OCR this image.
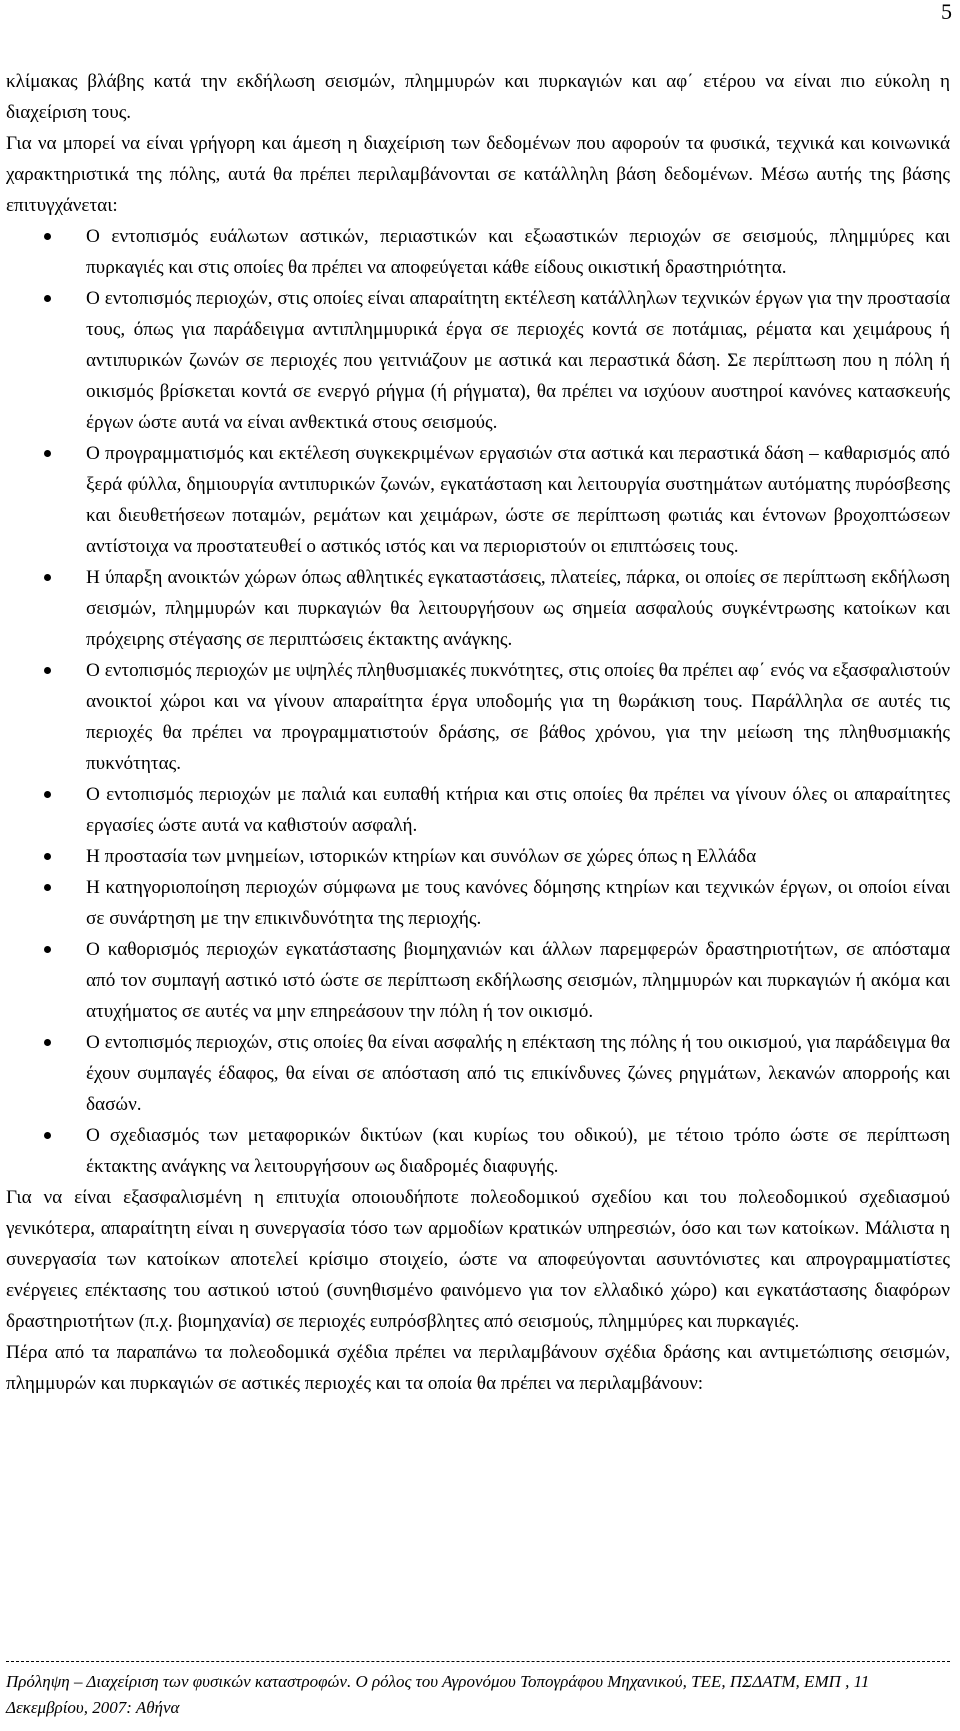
5

κλίμακας βλάβης κατά την εκδήλωση σεισμών, πλημμυρών και πυρκαγιών και αφ΄ ετέρου να είναι πιο εύκολη η διαχείριση τους.

Για να μπορεί να είναι γρήγορη και άμεση η διαχείριση των δεδομένων που αφορούν τα φυσικά, τεχνικά και κοινωνικά χαρακτηριστικά της πόλης, αυτά θα πρέπει περιλαμβάνονται σε κατάλληλη βάση δεδομένων. Μέσω αυτής της βάσης επιτυγχάνεται:

Ο εντοπισμός ευάλωτων αστικών, περιαστικών και εξωαστικών περιοχών σε σεισμούς, πλημμύρες και πυρκαγιές και στις οποίες θα πρέπει να αποφεύγεται κάθε είδους οικιστική δραστηριότητα.
Ο εντοπισμός περιοχών, στις οποίες είναι απαραίτητη εκτέλεση κατάλληλων τεχνικών έργων για την προστασία τους, όπως για παράδειγμα αντιπλημμυρικά έργα σε περιοχές κοντά σε ποτάμιας, ρέματα και χειμάρους ή αντιπυρικών ζωνών σε περιοχές που γειτνιάζουν με αστικά και περαστικά δάση. Σε περίπτωση που η πόλη ή οικισμός βρίσκεται κοντά σε ενεργό ρήγμα (ή ρήγματα), θα πρέπει να ισχύουν αυστηροί κανόνες κατασκευής έργων ώστε αυτά να είναι ανθεκτικά στους σεισμούς.
Ο προγραμματισμός και εκτέλεση συγκεκριμένων εργασιών στα αστικά και περαστικά δάση – καθαρισμός από ξερά φύλλα, δημιουργία αντιπυρικών ζωνών, εγκατάσταση και λειτουργία συστημάτων αυτόματης πυρόσβεσης και διευθετήσεων ποταμών, ρεμάτων και χειμάρων, ώστε σε περίπτωση φωτιάς και έντονων βροχοπτώσεων αντίστοιχα να προστατευθεί ο αστικός ιστός και να περιοριστούν οι επιπτώσεις τους.
Η ύπαρξη ανοικτών χώρων όπως αθλητικές εγκαταστάσεις, πλατείες, πάρκα, οι οποίες σε περίπτωση εκδήλωση σεισμών, πλημμυρών και πυρκαγιών θα λειτουργήσουν ως σημεία ασφαλούς συγκέντρωσης κατοίκων και πρόχειρης στέγασης σε περιπτώσεις έκτακτης ανάγκης.
Ο εντοπισμός περιοχών με υψηλές πληθυσμιακές πυκνότητες, στις οποίες θα πρέπει αφ΄ ενός να εξασφαλιστούν ανοικτοί χώροι και να γίνουν απαραίτητα έργα υποδομής για τη θωράκιση τους. Παράλληλα σε αυτές τις περιοχές θα πρέπει να προγραμματιστούν δράσης, σε βάθος χρόνου, για την μείωση της πληθυσμιακής πυκνότητας.
Ο εντοπισμός περιοχών με παλιά και ευπαθή κτήρια και στις οποίες θα πρέπει να γίνουν όλες οι απαραίτητες εργασίες ώστε αυτά να καθιστούν ασφαλή.
Η προστασία των μνημείων, ιστορικών κτηρίων και συνόλων σε χώρες όπως η Ελλάδα
Η κατηγοριοποίηση περιοχών σύμφωνα με τους κανόνες δόμησης κτηρίων και τεχνικών έργων, οι οποίοι είναι σε συνάρτηση με την επικινδυνότητα της περιοχής.
Ο καθορισμός περιοχών εγκατάστασης βιομηχανιών και άλλων παρεμφερών δραστηριοτήτων, σε απόσταμα από τον συμπαγή αστικό ιστό ώστε σε περίπτωση εκδήλωσης σεισμών, πλημμυρών και πυρκαγιών ή ακόμα και ατυχήματος σε αυτές να μην επηρεάσουν την πόλη ή τον οικισμό.
Ο εντοπισμός περιοχών, στις οποίες θα είναι ασφαλής η επέκταση της πόλης ή του οικισμού, για παράδειγμα θα έχουν συμπαγές έδαφος, θα είναι σε απόσταση από τις επικίνδυνες ζώνες ρηγμάτων, λεκανών απορροής και δασών.
Ο σχεδιασμός των μεταφορικών δικτύων (και κυρίως του οδικού), με τέτοιο τρόπο ώστε σε περίπτωση έκτακτης ανάγκης να λειτουργήσουν ως διαδρομές διαφυγής.

Για να είναι εξασφαλισμένη η επιτυχία οποιουδήποτε πολεοδομικού σχεδίου και του πολεοδομικού σχεδιασμού γενικότερα, απαραίτητη είναι η συνεργασία τόσο των αρμοδίων κρατικών υπηρεσιών, όσο και των κατοίκων. Μάλιστα η συνεργασία των κατοίκων αποτελεί κρίσιμο στοιχείο, ώστε να αποφεύγονται ασυντόνιστες και απρογραμματίστες ενέργειες επέκτασης του αστικού ιστού (συνηθισμένο φαινόμενο για τον ελλαδικό χώρο) και εγκατάστασης διαφόρων δραστηριοτήτων (π.χ. βιομηχανία) σε περιοχές ευπρόσβλητες από σεισμούς, πλημμύρες και πυρκαγιές.

Πέρα από τα παραπάνω τα πολεοδομικά σχέδια πρέπει να περιλαμβάνουν σχέδια δράσης και αντιμετώπισης σεισμών, πλημμυρών και πυρκαγιών σε αστικές περιοχές και τα οποία θα πρέπει να περιλαμβάνουν:

Πρόληψη – Διαχείριση των φυσικών καταστροφών. Ο ρόλος του Αγρονόμου Τοπογράφου Μηχανικού, ΤΕΕ, ΠΣΔΑΤΜ, ΕΜΠ , 11 Δεκεμβρίου, 2007: Αθήνα
